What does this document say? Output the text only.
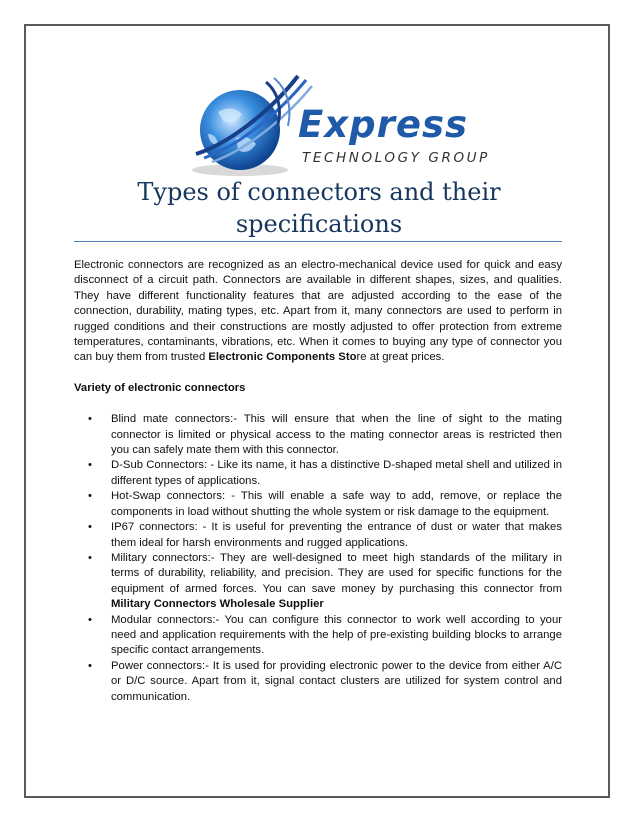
Express
TECHNOLOGY GROUP
Types of connectors and their specifications

Electronic connectors are recognized as an electro-mechanical device used for quick and easy disconnect of a circuit path. Connectors are available in different shapes, sizes, and qualities. They have different functionality features that are adjusted according to the ease of the connection, durability, mating types, etc. Apart from it, many connectors are used to perform in rugged conditions and their constructions are mostly adjusted to offer protection from extreme temperatures, contaminants, vibrations, etc. When it comes to buying any type of connector you can buy them from trusted Electronic Components Store at great prices.

Variety of electronic connectors

• Blind mate connectors:- This will ensure that when the line of sight to the mating connector is limited or physical access to the mating connector areas is restricted then you can safely mate them with this connector.
• D-Sub Connectors: - Like its name, it has a distinctive D-shaped metal shell and utilized in different types of applications.
• Hot-Swap connectors: - This will enable a safe way to add, remove, or replace the components in load without shutting the whole system or risk damage to the equipment.
• IP67 connectors: - It is useful for preventing the entrance of dust or water that makes them ideal for harsh environments and rugged applications.
• Military connectors:- They are well-designed to meet high standards of the military in terms of durability, reliability, and precision. They are used for specific functions for the equipment of armed forces. You can save money by purchasing this connector from Military Connectors Wholesale Supplier
• Modular connectors:- You can configure this connector to work well according to your need and application requirements with the help of pre-existing building blocks to arrange specific contact arrangements.
• Power connectors:- It is used for providing electronic power to the device from either A/C or D/C source. Apart from it, signal contact clusters are utilized for system control and communication.
